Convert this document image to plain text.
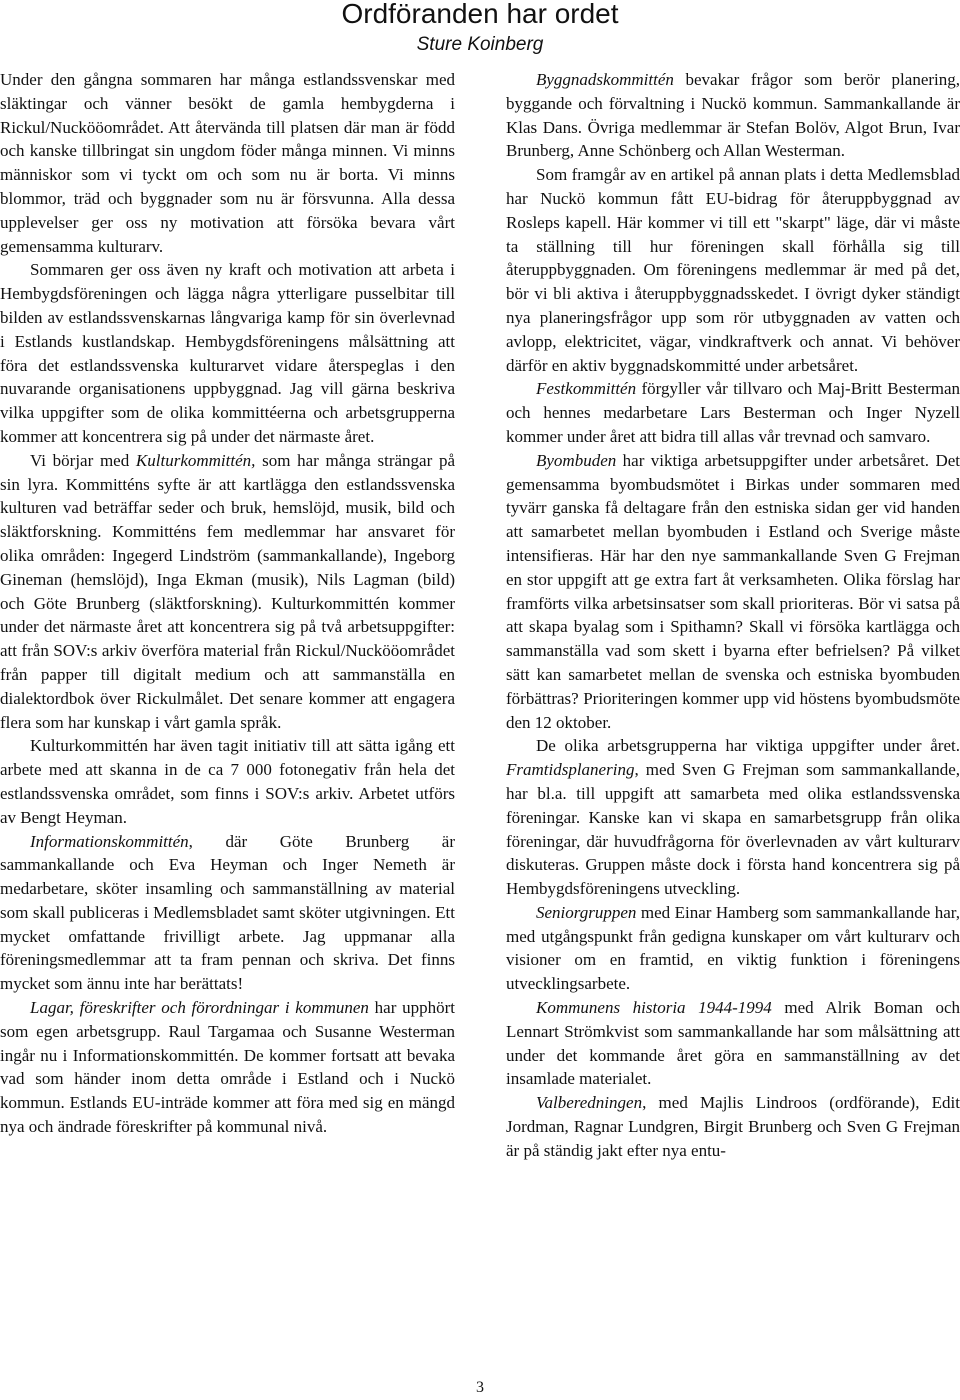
Ordföranden har ordet
Sture Koinberg

Under den gångna sommaren har många estlandssvenskar med släktingar och vänner besökt de gamla hembygderna i Rickul/Nuckööområdet. Att återvända till platsen där man är född och kanske tillbringat sin ungdom föder många minnen. Vi minns människor som vi tyckt om och som nu är borta. Vi minns blommor, träd och byggnader som nu är försvunna. Alla dessa upplevelser ger oss ny motivation att försöka bevara vårt gemensamma kulturarv.

Sommaren ger oss även ny kraft och motivation att arbeta i Hembygdsföreningen och lägga några ytterligare pusselbitar till bilden av estlandssvenskarnas långvariga kamp för sin överlevnad i Estlands kustlandskap. Hembygdsföreningens målsättning att föra det estlandssvenska kulturarvet vidare återspeglas i den nuvarande organisationens uppbyggnad. Jag vill gärna beskriva vilka uppgifter som de olika kommittéerna och arbetsgrupperna kommer att koncentrera sig på under det närmaste året.

Vi börjar med Kulturkommittén, som har många strängar på sin lyra. Kommitténs syfte är att kartlägga den estlandssvenska kulturen vad beträffar seder och bruk, hemslöjd, musik, bild och släktforskning. Kommitténs fem medlemmar har ansvaret för olika områden: Ingegerd Lindström (sammankallande), Ingeborg Gineman (hemslöjd), Inga Ekman (musik), Nils Lagman (bild) och Göte Brunberg (släktforskning). Kulturkommittén kommer under det närmaste året att koncentrera sig på två arbetsuppgifter: att från SOV:s arkiv överföra material från Rickul/Nuckööområdet från papper till digitalt medium och att sammanställa en dialektordbok över Rickulmålet. Det senare kommer att engagera flera som har kunskap i vårt gamla språk.

Kulturkommittén har även tagit initiativ till att sätta igång ett arbete med att skanna in de ca 7 000 fotonegativ från hela det estlandssvenska området, som finns i SOV:s arkiv. Arbetet utförs av Bengt Heyman.

Informationskommittén, där Göte Brunberg är sammankallande och Eva Heyman och Inger Nemeth är medarbetare, sköter insamling och sammanställning av material som skall publiceras i Medlemsbladet samt sköter utgivningen. Ett mycket omfattande frivilligt arbete. Jag uppmanar alla föreningsmedlemmar att ta fram pennan och skriva. Det finns mycket som ännu inte har berättats!

Lagar, föreskrifter och förordningar i kommunen har upphört som egen arbetsgrupp. Raul Targamaa och Susanne Westerman ingår nu i Informationskommittén. De kommer fortsatt att bevaka vad som händer inom detta område i Estland och i Nuckö kommun. Estlands EU-inträde kommer att föra med sig en mängd nya och ändrade föreskrifter på kommunal nivå.

Byggnadskommittén bevakar frågor som berör planering, byggande och förvaltning i Nuckö kommun. Sammankallande är Klas Dans. Övriga medlemmar är Stefan Bolöv, Algot Brun, Ivar Brunberg, Anne Schönberg och Allan Westerman.

Som framgår av en artikel på annan plats i detta Medlemsblad har Nuckö kommun fått EU-bidrag för återuppbyggnad av Rosleps kapell. Här kommer vi till ett "skarpt" läge, där vi måste ta ställning till hur föreningen skall förhålla sig till återuppbyggnaden. Om föreningens medlemmar är med på det, bör vi bli aktiva i återuppbyggnadsskedet. I övrigt dyker ständigt nya planeringsfrågor upp som rör utbyggnaden av vatten och avlopp, elektricitet, vägar, vindkraftverk och annat. Vi behöver därför en aktiv byggnadskommitté under arbetsåret.

Festkommittén förgyller vår tillvaro och Maj-Britt Besterman och hennes medarbetare Lars Besterman och Inger Nyzell kommer under året att bidra till allas vår trevnad och samvaro.

Byombuden har viktiga arbetsuppgifter under arbetsåret. Det gemensamma byombudsmötet i Birkas under sommaren med tyvärr ganska få deltagare från den estniska sidan ger vid handen att samarbetet mellan byombuden i Estland och Sverige måste intensifieras. Här har den nye sammankallande Sven G Frejman en stor uppgift att ge extra fart åt verksamheten. Olika förslag har framförts vilka arbetsinsatser som skall prioriteras. Bör vi satsa på att skapa byalag som i Spithamn? Skall vi försöka kartlägga och sammanställa vad som skett i byarna efter befrielsen? På vilket sätt kan samarbetet mellan de svenska och estniska byombuden förbättras? Prioriteringen kommer upp vid höstens byombudsmöte den 12 oktober.

De olika arbetsgrupperna har viktiga uppgifter under året. Framtidsplanering, med Sven G Frejman som sammankallande, har bl.a. till uppgift att samarbeta med olika estlandssvenska föreningar. Kanske kan vi skapa en samarbetsgrupp från olika föreningar, där huvudfrågorna för överlevnaden av vårt kulturarv diskuteras. Gruppen måste dock i första hand koncentrera sig på Hembygdsföreningens utveckling.

Seniorgruppen med Einar Hamberg som sammankallande har, med utgångspunkt från gedigna kunskaper om vårt kulturarv och visioner om en framtid, en viktig funktion i föreningens utvecklingsarbete.

Kommunens historia 1944-1994 med Alrik Boman och Lennart Strömkvist som sammankallande har som målsättning att under det kommande året göra en sammanställning av det insamlade materialet.

Valberedningen, med Majlis Lindroos (ordförande), Edit Jordman, Ragnar Lundgren, Birgit Brunberg och Sven G Frejman är på ständig jakt efter nya entu-

3
